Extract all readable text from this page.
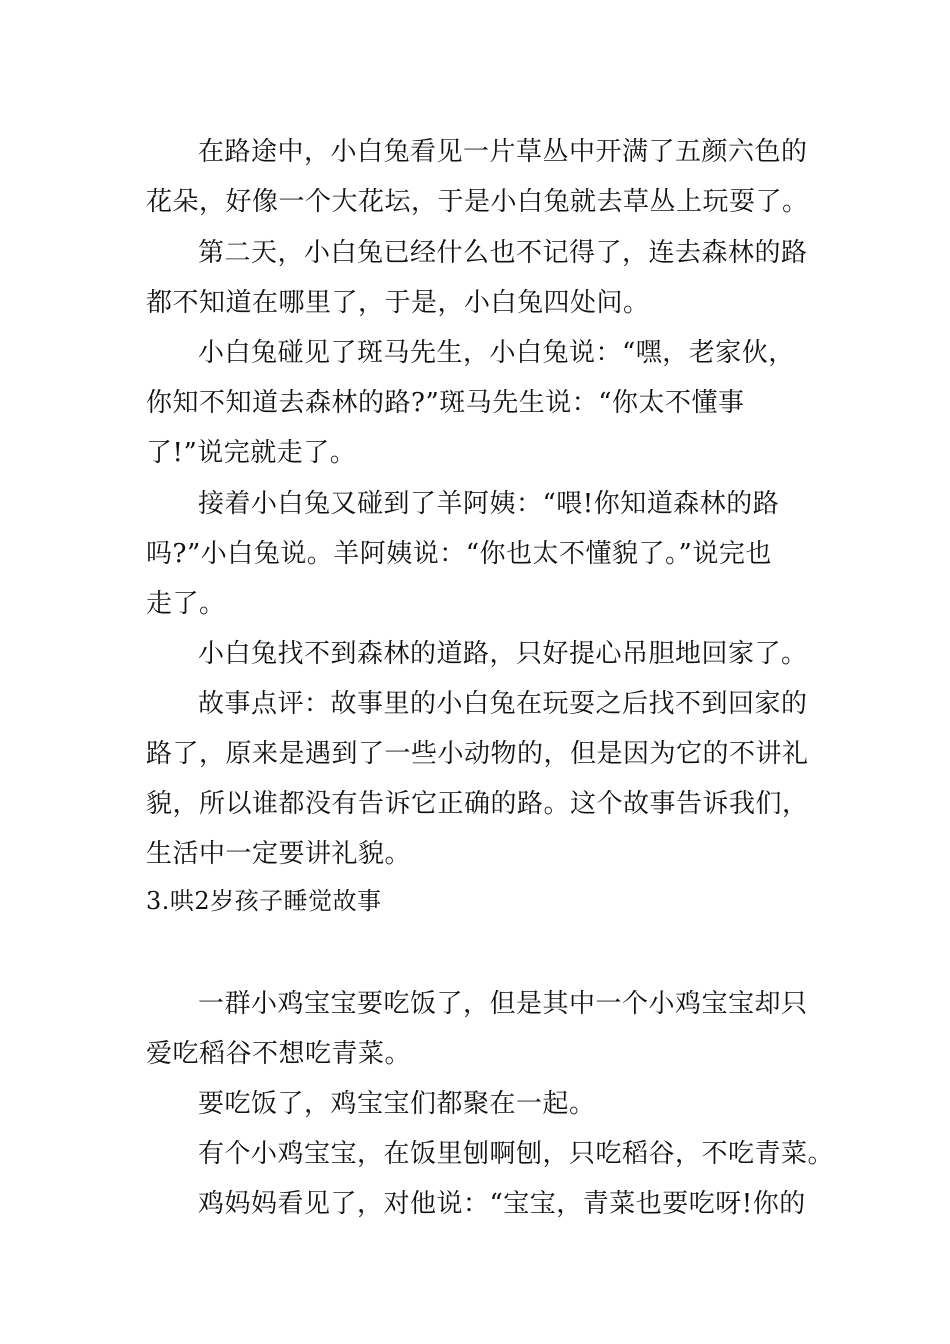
在路途中，小白兔看见一片草丛中开满了五颜六色的
花朵，好像一个大花坛，于是小白兔就去草丛上玩耍了。
第二天，小白兔已经什么也不记得了，连去森林的路
都不知道在哪里了，于是，小白兔四处问。
小白兔碰见了斑马先生，小白兔说：“嘿，老家伙，
你知不知道去森林的路?”斑马先生说：“你太不懂事
了!”说完就走了。
接着小白兔又碰到了羊阿姨：“喂!你知道森林的路
吗?”小白兔说。羊阿姨说：“你也太不懂貌了。”说完也
走了。
小白兔找不到森林的道路，只好提心吊胆地回家了。
故事点评：故事里的小白兔在玩耍之后找不到回家的
路了，原来是遇到了一些小动物的，但是因为它的不讲礼
貌，所以谁都没有告诉它正确的路。这个故事告诉我们，
生活中一定要讲礼貌。
3.哄2岁孩子睡觉故事
一群小鸡宝宝要吃饭了，但是其中一个小鸡宝宝却只
爱吃稻谷不想吃青菜。
要吃饭了，鸡宝宝们都聚在一起。
有个小鸡宝宝，在饭里刨啊刨，只吃稻谷，不吃青菜。
鸡妈妈看见了，对他说：“宝宝，青菜也要吃呀!你的
